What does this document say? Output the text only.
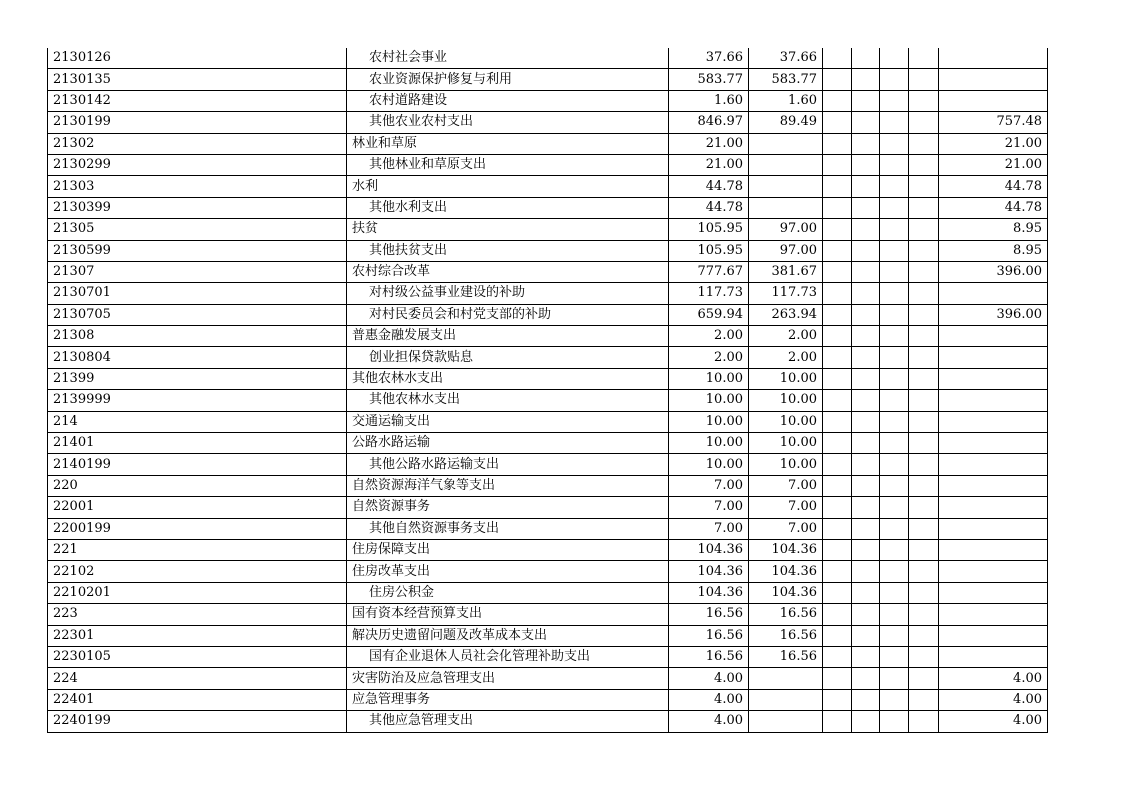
2130126	农村社会事业	37.66	37.66					
2130135	农业资源保护修复与利用	583.77	583.77					
2130142	农村道路建设	1.60	1.60					
2130199	其他农业农村支出	846.97	89.49					757.48
21302	林业和草原	21.00						21.00
2130299	其他林业和草原支出	21.00						21.00
21303	水利	44.78						44.78
2130399	其他水利支出	44.78						44.78
21305	扶贫	105.95	97.00					8.95
2130599	其他扶贫支出	105.95	97.00					8.95
21307	农村综合改革	777.67	381.67					396.00
2130701	对村级公益事业建设的补助	117.73	117.73					
2130705	对村民委员会和村党支部的补助	659.94	263.94					396.00
21308	普惠金融发展支出	2.00	2.00					
2130804	创业担保贷款贴息	2.00	2.00					
21399	其他农林水支出	10.00	10.00					
2139999	其他农林水支出	10.00	10.00					
214	交通运输支出	10.00	10.00					
21401	公路水路运输	10.00	10.00					
2140199	其他公路水路运输支出	10.00	10.00					
220	自然资源海洋气象等支出	7.00	7.00					
22001	自然资源事务	7.00	7.00					
2200199	其他自然资源事务支出	7.00	7.00					
221	住房保障支出	104.36	104.36					
22102	住房改革支出	104.36	104.36					
2210201	住房公积金	104.36	104.36					
223	国有资本经营预算支出	16.56	16.56					
22301	解决历史遗留问题及改革成本支出	16.56	16.56					
2230105	国有企业退休人员社会化管理补助支出	16.56	16.56					
224	灾害防治及应急管理支出	4.00						4.00
22401	应急管理事务	4.00						4.00
2240199	其他应急管理支出	4.00						4.00
